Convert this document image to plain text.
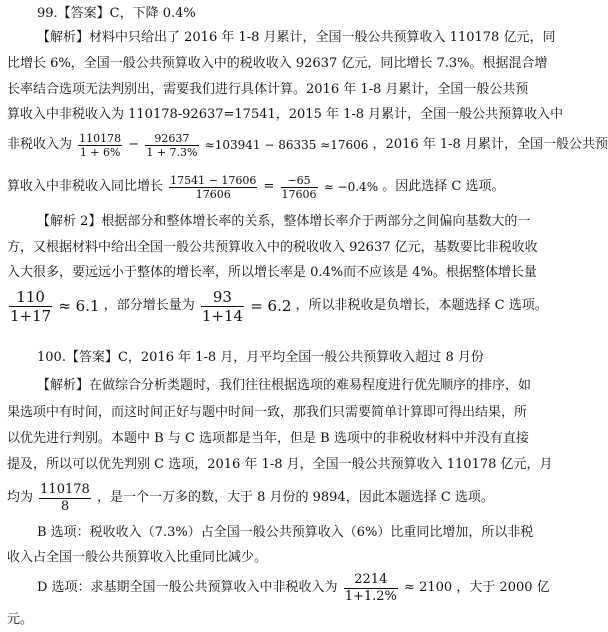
99.【答案】C，下降 0.4%
【解析】材料中只给出了 2016 年 1-8 月累计，全国一般公共预算收入 110178 亿元，同
比增长 6%，全国一般公共预算收入中的税收收入 92637 亿元，同比增长 7.3%。根据混合增
长率结合选项无法判别出，需要我们进行具体计算。2016 年 1-8 月累计，全国一般公共预
算收入中非税收入为 110178-92637=17541，2015 年 1-8 月累计，全国一般公共预算收入中
非税收入为 $\frac{110178}{1 + 6\%} - \frac{92637}{1 + 7.3\%} \approx 103941 - 86335 \approx 17606$ ，2016 年 1-8 月累计，全国一般公共预
算收入中非税收入同比增长 $\frac{17541 - 17606}{17606} = \frac{-65}{17606} \approx -0.4\%$ 。因此选择 C 选项。
【解析 2】根据部分和整体增长率的关系，整体增长率介于两部分之间偏向基数大的一
方，又根据材料中给出全国一般公共预算收入中的税收收入 92637 亿元，基数要比非税收收
入大很多，要远远小于整体的增长率，所以增长率是 0.4%而不应该是 4%。根据整体增长量
$\frac{110}{1+17} \approx 6.1$ ，部分增长量为 $\frac{93}{1+14} = 6.2$ ，所以非税收是负增长，本题选择 C 选项。
100.【答案】C，2016 年 1-8 月，月平均全国一般公共预算收入超过 8 月份
【解析】在做综合分析类题时，我们往往根据选项的难易程度进行优先顺序的排序，如
果选项中有时间，而这时间正好与题中时间一致，那我们只需要简单计算即可得出结果，所
以优先进行判别。本题中 B 与 C 选项都是当年，但是 B 选项中的非税收材料中并没有直接
提及，所以可以优先判别 C 选项，2016 年 1-8 月，全国一般公共预算收入 110178 亿元，月
均为 $\frac{110178}{8}$ ，是一个一万多的数，大于 8 月份的 9894，因此本题选择 C 选项。
B 选项：税收收入（7.3%）占全国一般公共预算收入（6%）比重同比增加，所以非税
收入占全国一般公共预算收入比重同比减少。
D 选项：求基期全国一般公共预算收入中非税收入为 $\frac{2214}{1+1.2\%} \approx 2100$ ，大于 2000 亿
元。
